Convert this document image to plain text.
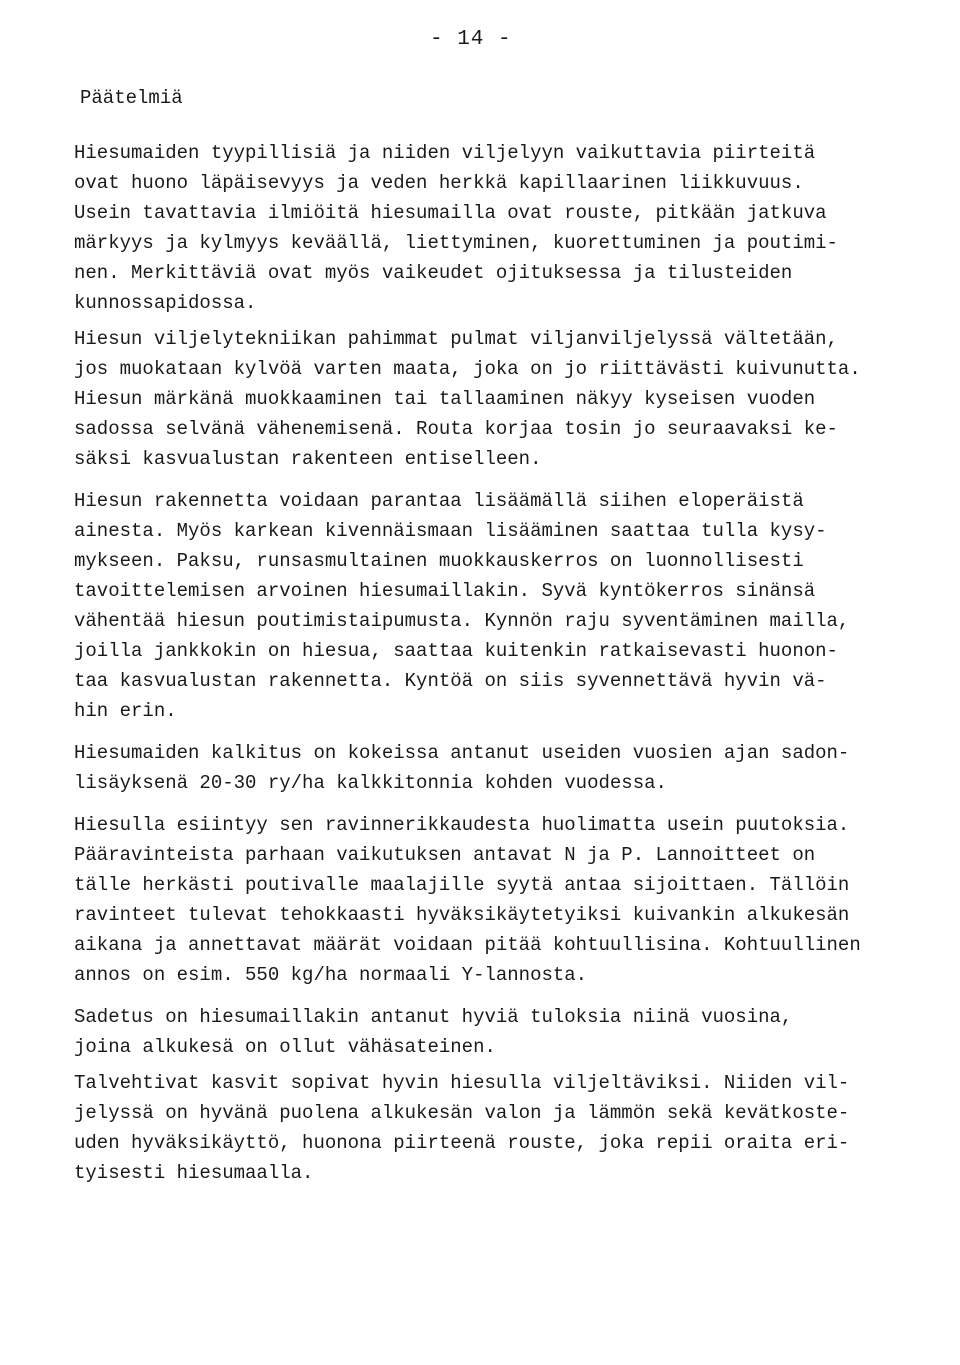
- 14 -
Päätelmiä
Hiesumaiden tyypillisiä ja niiden viljelyyn vaikuttavia piirteitä
ovat huono läpäisevyys ja veden herkkä kapillaarinen liikkuvuus.
Usein tavattavia ilmiöitä hiesumailla ovat rouste, pitkään jatkuva
märkyys ja kylmyys keväällä, liettyminen, kuorettuminen ja poutimi-
nen. Merkittäviä ovat myös vaikeudet ojituksessa ja tilusteiden
kunnossapidossa.
Hiesun viljelytekniikan pahimmat pulmat viljanviljelyssä vältetään,
jos muokataan kylvöä varten maata, joka on jo riittävästi kuivunutta.
Hiesun märkänä muokkaaminen tai tallaaminen näkyy kyseisen vuoden
sadossa selvänä vähenemisenä. Routa korjaa tosin jo seuraavaksi ke-
säksi kasvualustan rakenteen entiselleen.
Hiesun rakennetta voidaan parantaa lisäämällä siihen eloperäistä
ainesta. Myös karkean kivennäismaan lisääminen saattaa tulla kysy-
mykseen. Paksu, runsasmultainen muokkauskerros on luonnollisesti
tavoittelemisen arvoinen hiesumaillakin. Syvä kyntökerros sinänsä
vähentää hiesun poutimistaipumusta. Kynnön raju syventäminen mailla,
joilla jankkokin on hiesua, saattaa kuitenkin ratkaisevasti huonon-
taa kasvualustan rakennetta. Kyntöä on siis syvennettävä hyvin vä-
hin erin.
Hiesumaiden kalkitus on kokeissa antanut useiden vuosien ajan sadon-
lisäyksenä 20-30 ry/ha kalkkitonnia kohden vuodessa.
Hiesulla esiintyy sen ravinnerikkaudesta huolimatta usein puutoksia.
Pääravinteista parhaan vaikutuksen antavat N ja P. Lannoitteet on
tälle herkästi poutivalle maalajille syytä antaa sijoittaen. Tällöin
ravinteet tulevat tehokkaasti hyväksikäytetyiksi kuivankin alkukesän
aikana ja annettavat määrät voidaan pitää kohtuullisina. Kohtuullinen
annos on esim. 550 kg/ha normaali Y-lannosta.
Sadetus on hiesumaillakin antanut hyviä tuloksia niinä vuosina,
joina alkukesä on ollut vähäsateinen.
Talvehtivat kasvit sopivat hyvin hiesulla viljeltäviksi. Niiden vil-
jelyssä on hyvänä puolena alkukesän valon ja lämmön sekä kevätkoste-
uden hyväksikäyttö, huonona piirteenä rouste, joka repii oraita eri-
tyisesti hiesumaalla.
